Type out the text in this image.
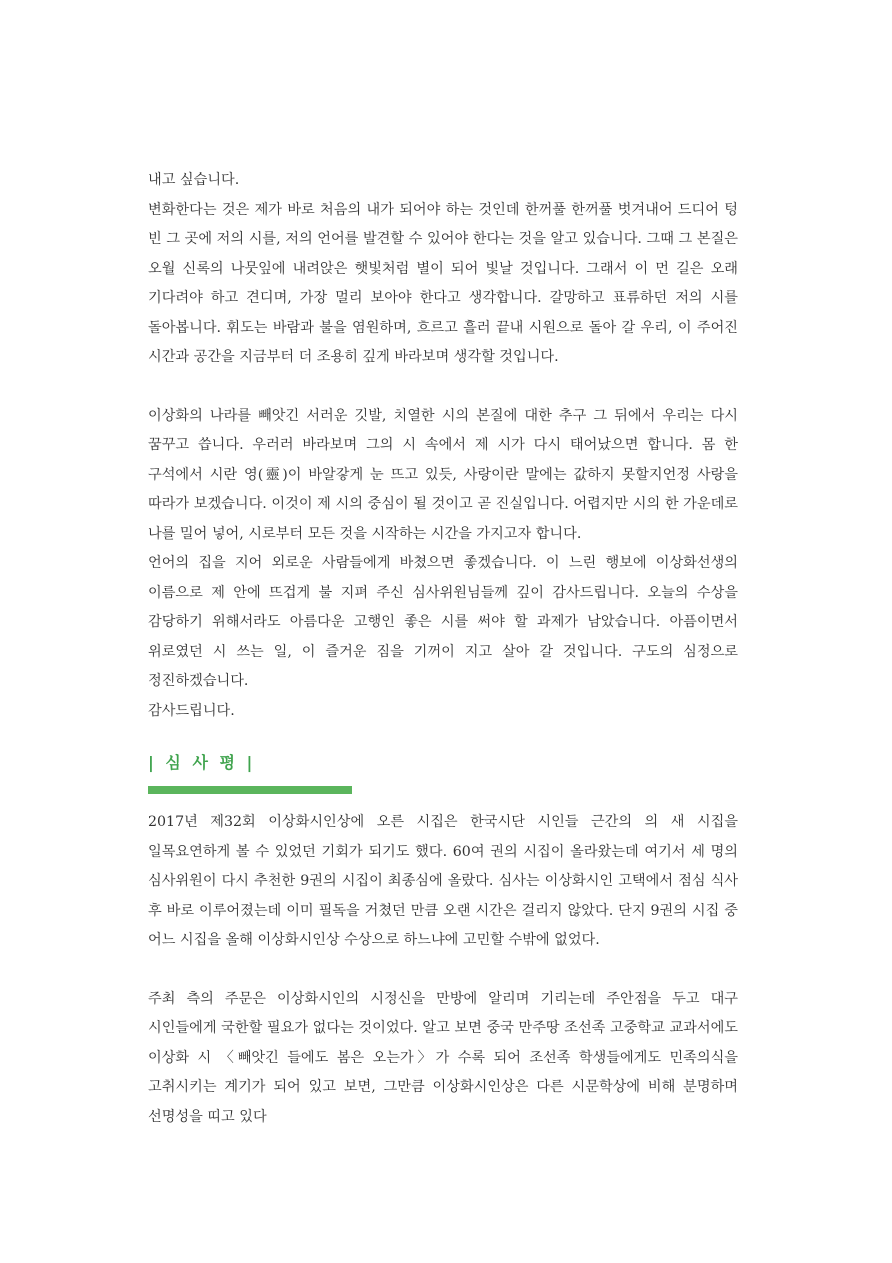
내고 싶습니다.

변화한다는 것은 제가 바로 처음의 내가 되어야 하는 것인데 한꺼풀 한꺼풀 벗겨내어 드디어 텅 빈 그 곳에 저의 시를, 저의 언어를 발견할 수 있어야 한다는 것을 알고 있습니다. 그때 그 본질은 오월 신록의 나뭇잎에 내려앉은 햇빛처럼 별이 되어 빛날 것입니다. 그래서 이 먼 길은 오래 기다려야 하고 견디며, 가장 멀리 보아야 한다고 생각합니다. 갈망하고 표류하던 저의 시를 돌아봅니다. 휘도는 바람과 불을 염원하며, 흐르고 흘러 끝내 시원으로 돌아 갈 우리, 이 주어진 시간과 공간을 지금부터 더 조용히 깊게 바라보며 생각할 것입니다.

이상화의 나라를 빼앗긴 서러운 깃발, 치열한 시의 본질에 대한 추구 그 뒤에서 우리는 다시 꿈꾸고 씁니다. 우러러 바라보며 그의 시 속에서 제 시가 다시 태어났으면 합니다. 몸 한 구석에서 시란 영(靈)이 바알갛게 눈 뜨고 있듯, 사랑이란 말에는 값하지 못할지언정 사랑을 따라가 보겠습니다. 이것이 제 시의 중심이 될 것이고 곧 진실입니다. 어렵지만 시의 한 가운데로 나를 밀어 넣어, 시로부터 모든 것을 시작하는 시간을 가지고자 합니다.

언어의 집을 지어 외로운 사람들에게 바쳤으면 좋겠습니다. 이 느린 행보에 이상화선생의 이름으로 제 안에 뜨겁게 불 지펴 주신 심사위원님들께 깊이 감사드립니다. 오늘의 수상을 감당하기 위해서라도 아름다운 고행인 좋은 시를 써야 할 과제가 남았습니다. 아픔이면서 위로였던 시 쓰는 일, 이 즐거운 짐을 기꺼이 지고 살아 갈 것입니다. 구도의 심정으로 정진하겠습니다.

감사드립니다.

| 심 사 평 |

2017년 제32회 이상화시인상에 오른 시집은 한국시단 시인들 근간의 의 새 시집을 일목요연하게 볼 수 있었던 기회가 되기도 했다. 60여 권의 시집이 올라왔는데 여기서 세 명의 심사위원이 다시 추천한 9권의 시집이 최종심에 올랐다. 심사는 이상화시인 고택에서 점심 식사 후 바로 이루어졌는데 이미 필독을 거쳤던 만큼 오랜 시간은 걸리지 않았다. 단지 9권의 시집 중 어느 시집을 올해 이상화시인상 수상으로 하느냐에 고민할 수밖에 없었다.

주최 측의 주문은 이상화시인의 시정신을 만방에 알리며 기리는데 주안점을 두고 대구 시인들에게 국한할 필요가 없다는 것이었다. 알고 보면 중국 만주땅 조선족 고중학교 교과서에도 이상화 시 〈빼앗긴 들에도 봄은 오는가〉가 수록 되어 조선족 학생들에게도 민족의식을 고취시키는 계기가 되어 있고 보면, 그만큼 이상화시인상은 다른 시문학상에 비해 분명하며 선명성을 띠고 있다
